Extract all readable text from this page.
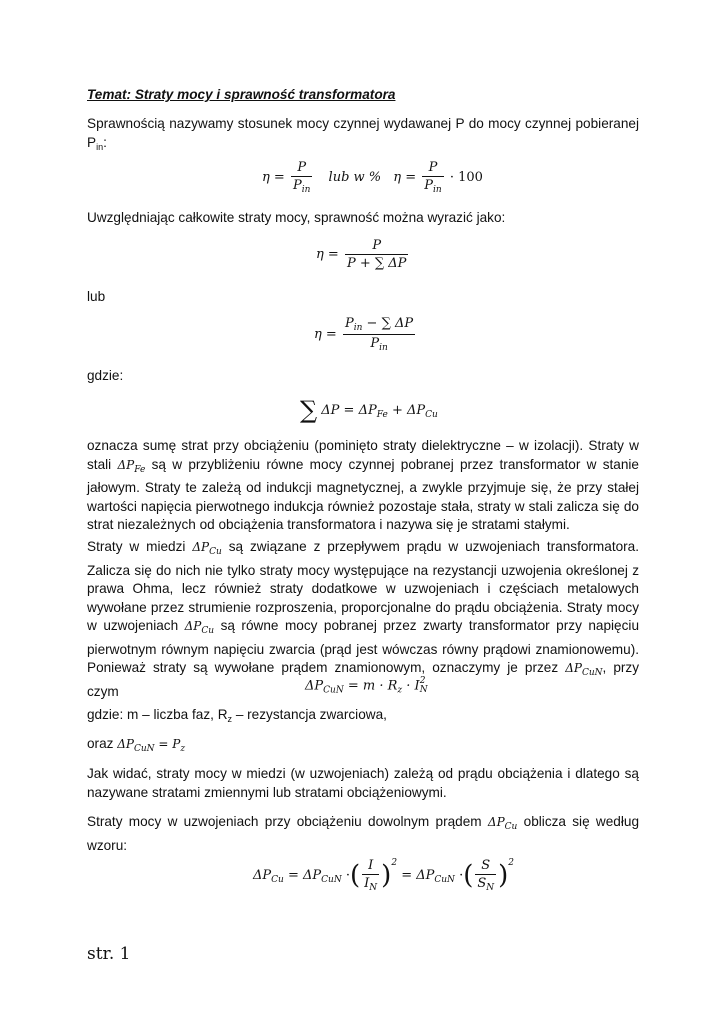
Temat: Straty mocy i sprawność transformatora
Sprawnością nazywamy stosunek mocy czynnej wydawanej P do mocy czynnej pobieranej $P_{in}$:
$\eta = \frac{P}{P_{in}}$ lub w % $\eta = \frac{P}{P_{in}} \cdot 100$
Uwzględniając całkowite straty mocy, sprawność można wyrazić jako:
$\eta = \frac{P}{P + \sum \Delta P}$
lub
$\eta = \frac{P_{in} - \sum \Delta P}{P_{in}}$
gdzie:
∑ $\Delta P = \Delta P_{Fe} + \Delta P_{Cu}$
oznacza sumę strat przy obciążeniu (pominięto straty dielektryczne – w izolacji). Straty w stali $\Delta P_{Fe}$ są w przybliżeniu równe mocy czynnej pobranej przez transformator w stanie jałowym. Straty te zależą od indukcji magnetycznej, a zwykle przyjmuje się, że przy stałej wartości napięcia pierwotnego indukcja również pozostaje stała, straty w stali zalicza się do strat niezależnych od obciążenia transformatora i nazywa się je stratami stałymi.
Straty w miedzi $\Delta P_{Cu}$ są związane z przepływem prądu w uzwojeniach transformatora. Zalicza się do nich nie tylko straty mocy występujące na rezystancji uzwojenia określonej z prawa Ohma, lecz również straty dodatkowe w uzwojeniach i częściach metalowych wywołane przez strumienie rozproszenia, proporcjonalne do prądu obciążenia. Straty mocy w uzwojeniach $\Delta P_{Cu}$ są równe mocy pobranej przez zwarty transformator przy napięciu pierwotnym równym napięciu zwarcia (prąd jest wówczas równy prądowi znamionowemu). Ponieważ straty są wywołane prądem znamionowym, oznaczymy je przez $\Delta P_{CuN}$, przy czym	$\Delta P_{CuN} = m \cdot R_z \cdot I$ 2
N
gdzie: m – liczba faz, $R_z$ – rezystancja zwarciowa,
oraz $\Delta P_{CuN} = P_z$
Jak widać, straty mocy w miedzi (w uzwojeniach) zależą od prądu obciążenia i dlatego są nazywane stratami zmiennymi lub stratami obciążeniowymi.
Straty mocy w uzwojeniach przy obciążeniu dowolnym prądem $\Delta P_{Cu}$ oblicza się według wzoru:
$\Delta P_{Cu} = \Delta P_{CuN}$ ·( $\frac{I}{I_N} )^2 = \Delta P_{CuN}$ ·( $\frac{S}{S_N} )^2$
str. 1
